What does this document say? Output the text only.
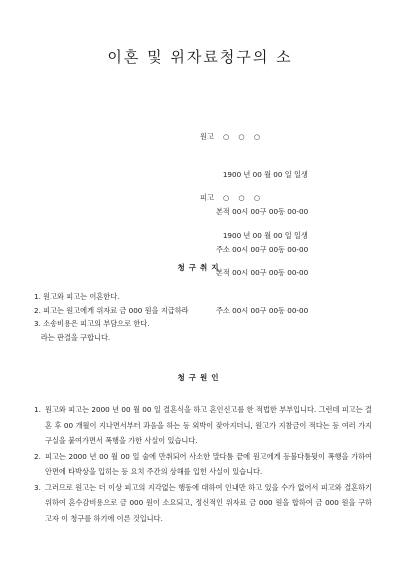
이혼 및 위자료청구의 소

원고    ○    ○    ○

1900 년 00 월 00 일 일생

본적 00시 00구 00동 00-00

주소 00시 00구 00동 00-00

피고    ○    ○    ○

1900 년 00 월 00 일 일생

본적 00시 00구 00동 00-00

주소 00시 00구 00동 00-00

청구취지
1. 원고와 피고는 이혼한다.
2. 피고는 원고에게 위자료 금 000 원을 지급하라
3. 소송비용은 피고의 부담으로 한다.
라는 판결을 구합니다.
청구원인
1. 원고와 피고는 2000 년 00 월 00 일 결혼식을 하고 혼인신고를 한 적법한 부부입니다. 그런데 피고는 결혼 후 00 개월이 지나면서부터 과음을 하는 등 외박이 잦아지더니, 원고가 지참금이 적다는 등 여러 가지 구실을 붙여가면서 폭행을 가한 사실이 있습니다.
2. 피고는 2000 년 00 월 00 일 술에 만취되어 사소한 말다툼 끝에 원고에게 등불다툼뒷이 폭행을 가하여 안면에 타박상을 입히는 등 요치 주간의 상해를 입힌 사실이 있습니다.
3. 그러므로 원고는 더 이상 피고의 지각없는 행동에 대하여 인내만 하고 있을 수가 없어서 피고와 결혼하기 위하여 혼수감비용으로 금 000 원이 소요되고, 정신적인 위자료 금 000 원을 합하여 금 000 원을 구하고자 이 청구를 하기에 이른 것입니다.
